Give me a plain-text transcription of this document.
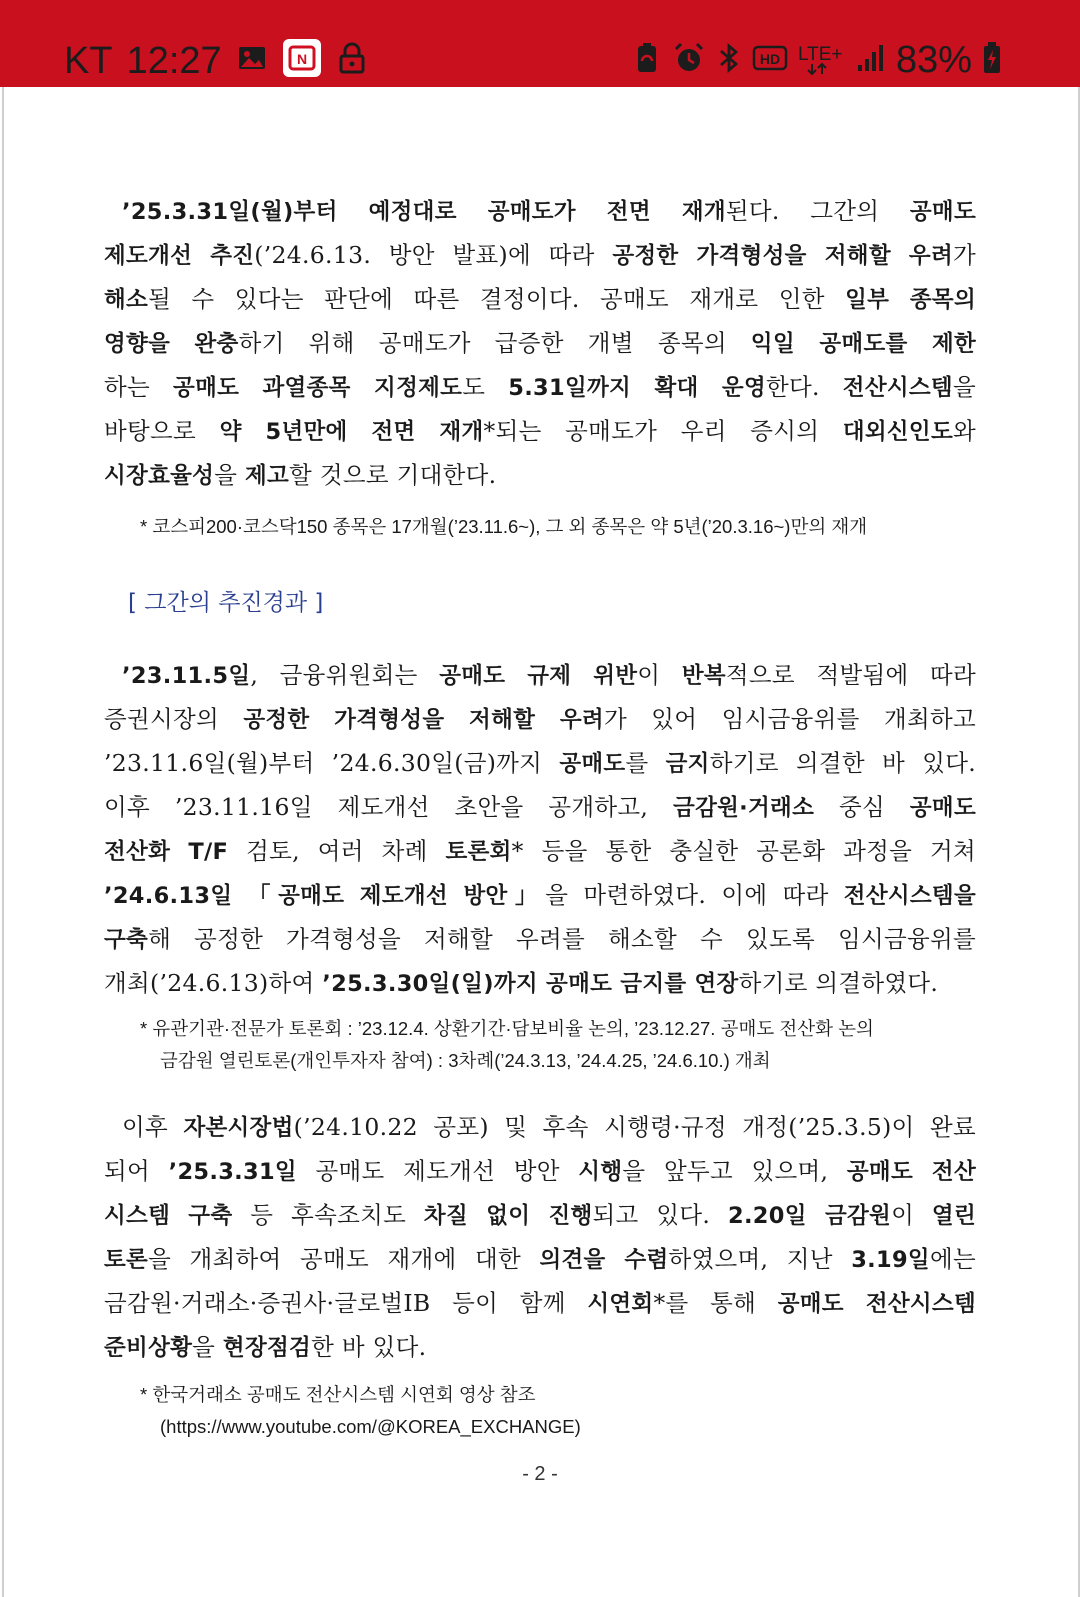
KT 12:27	N	HD LTE+ 83%
’25.3.31일(월)부터 예정대로 공매도가 전면 재개된다. 그간의 공매도
제도개선 추진(’24.6.13. 방안 발표)에 따라 공정한 가격형성을 저해할 우려가
해소될 수 있다는 판단에 따른 결정이다. 공매도 재개로 인한 일부 종목의
영향을 완충하기 위해 공매도가 급증한 개별 종목의 익일 공매도를 제한
하는 공매도 과열종목 지정제도도 5.31일까지 확대 운영한다. 전산시스템을
바탕으로 약 5년만에 전면 재개*되는 공매도가 우리 증시의 대외신인도와
시장효율성을 제고할 것으로 기대한다.

* 코스피200·코스닥150 종목은 17개월(’23.11.6~), 그 외 종목은 약 5년(’20.3.16~)만의 재개

[ 그간의 추진경과 ]
’23.11.5일, 금융위원회는 공매도 규제 위반이 반복적으로 적발됨에 따라
증권시장의 공정한 가격형성을 저해할 우려가 있어 임시금융위를 개최하고
’23.11.6일(월)부터 ’24.6.30일(금)까지 공매도를 금지하기로 의결한 바 있다.
이후 ’23.11.16일 제도개선 초안을 공개하고, 금감원·거래소 중심 공매도
전산화 T/F 검토, 여러 차례 토론회* 등을 통한 충실한 공론화 과정을 거쳐
’24.6.13일 「공매도 제도개선 방안」을 마련하였다. 이에 따라 전산시스템을
구축해 공정한 가격형성을 저해할 우려를 해소할 수 있도록 임시금융위를
개최(’24.6.13)하여 ’25.3.30일(일)까지 공매도 금지를 연장하기로 의결하였다.

* 유관기관·전문가 토론회 : ’23.12.4. 상환기간·담보비율 논의, ’23.12.27. 공매도 전산화 논의

금감원 열린토론(개인투자자 참여) : 3차례(’24.3.13, ’24.4.25, ’24.6.10.) 개최

이후 자본시장법(’24.10.22 공포) 및 후속 시행령·규정 개정(’25.3.5)이 완료
되어 ’25.3.31일 공매도 제도개선 방안 시행을 앞두고 있으며, 공매도 전산
시스템 구축 등 후속조치도 차질 없이 진행되고 있다. 2.20일 금감원이 열린
토론을 개최하여 공매도 재개에 대한 의견을 수렴하였으며, 지난 3.19일에는
금감원·거래소·증권사·글로벌IB 등이 함께 시연회*를 통해 공매도 전산시스템
준비상황을 현장점검한 바 있다.

* 한국거래소 공매도 전산시스템 시연회 영상 참조

(https://www.youtube.com/@KOREA_EXCHANGE)

- 2 -
